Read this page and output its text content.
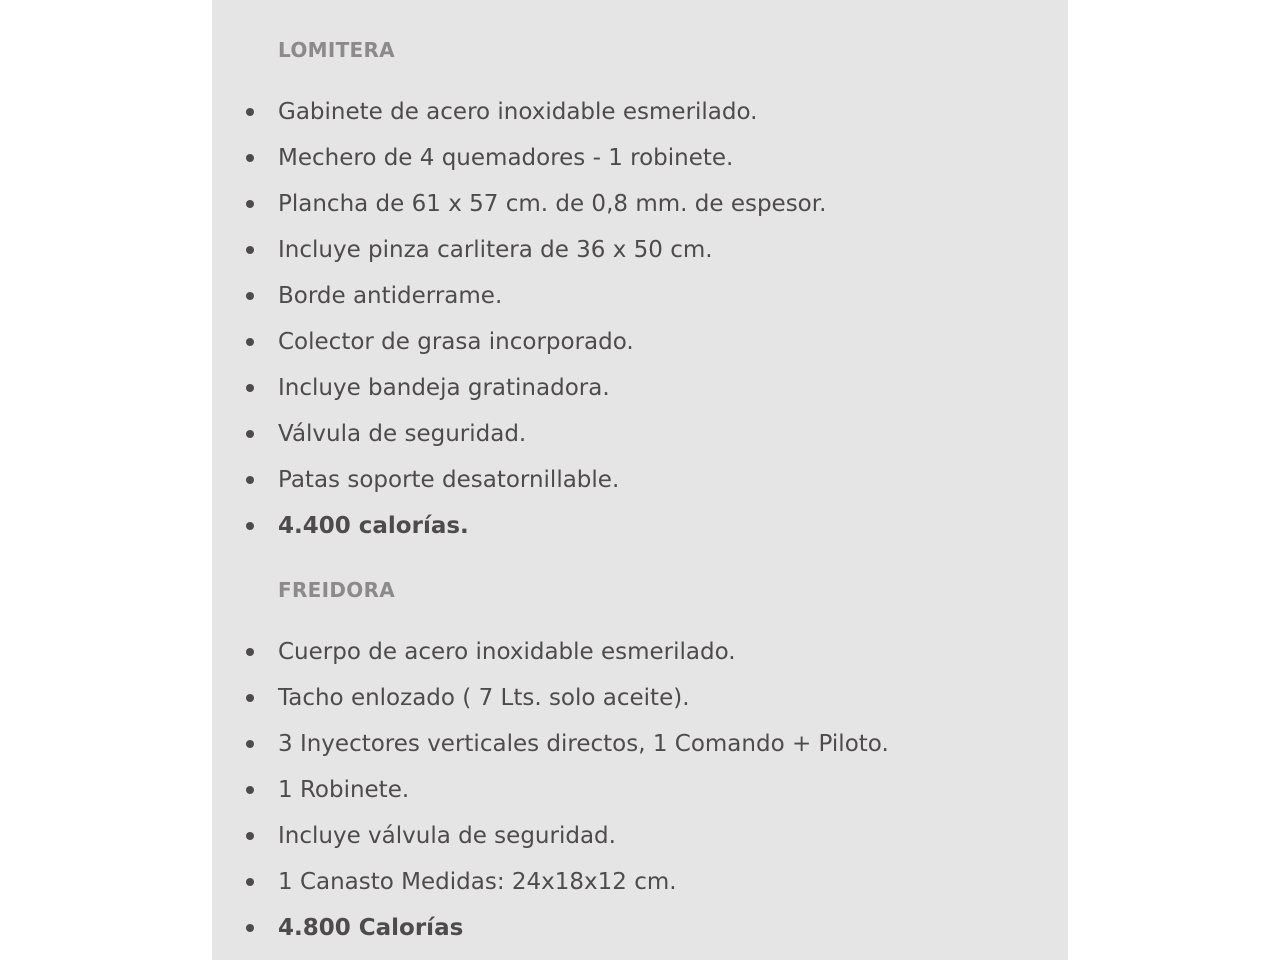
LOMITERA
Gabinete de acero inoxidable esmerilado.
Mechero de 4 quemadores - 1 robinete.
Plancha de 61 x 57 cm. de 0,8 mm. de espesor.
Incluye pinza carlitera de 36 x 50 cm.
Borde antiderrame.
Colector de grasa incorporado.
Incluye bandeja gratinadora.
Válvula de seguridad.
Patas soporte desatornillable.
4.400 calorías.
FREIDORA
Cuerpo de acero inoxidable esmerilado.
Tacho enlozado ( 7 Lts. solo aceite).
3 Inyectores verticales directos, 1 Comando + Piloto.
1 Robinete.
Incluye válvula de seguridad.
1 Canasto Medidas: 24x18x12 cm.
4.800 Calorías
